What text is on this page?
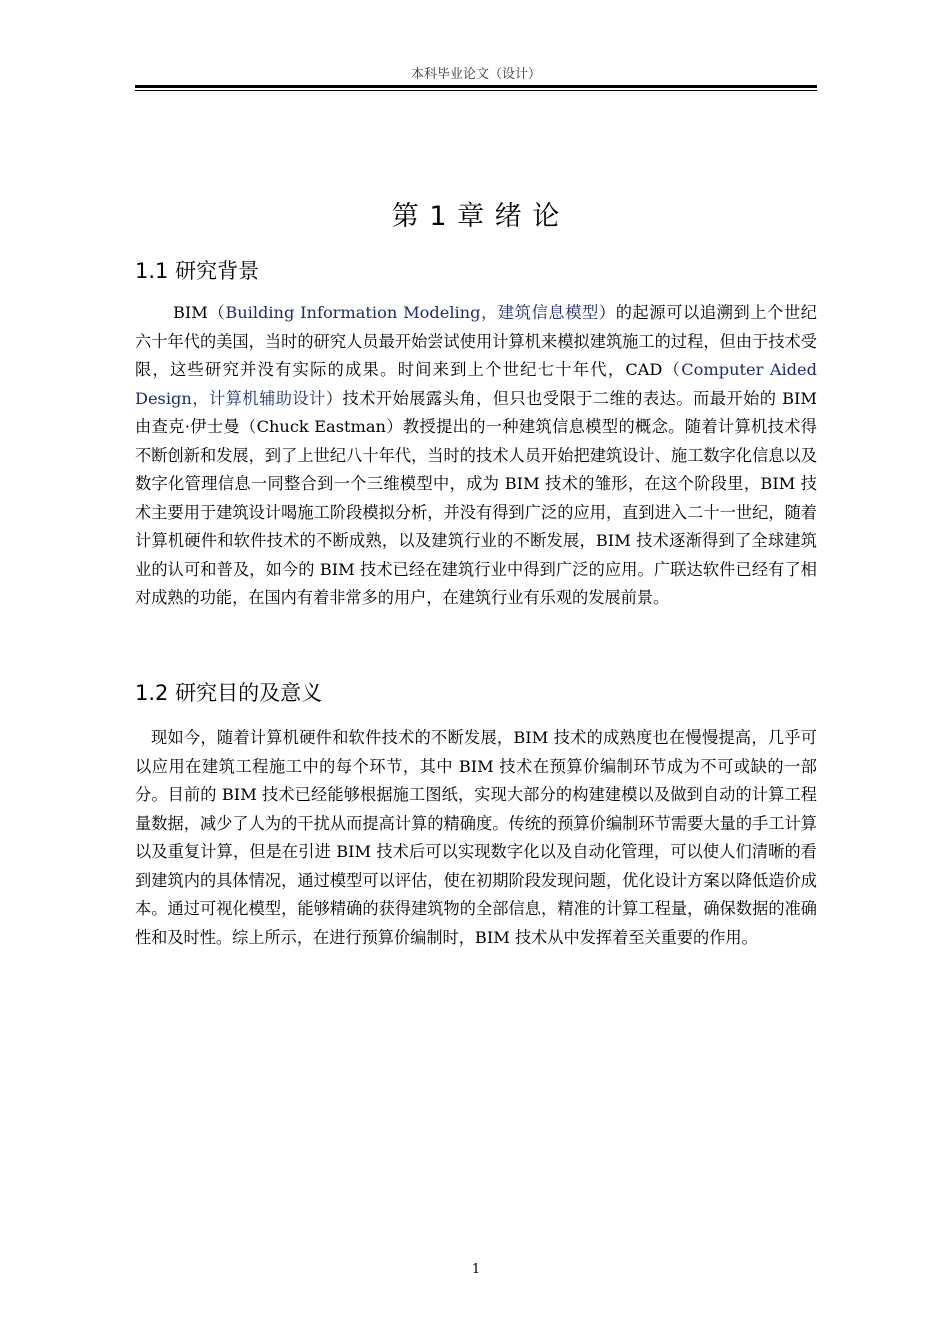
本科毕业论文（设计）
第 1 章 绪 论
1.1 研究背景
BIM（Building Information Modeling，建筑信息模型）的起源可以追溯到上个世纪六十年代的美国，当时的研究人员最开始尝试使用计算机来模拟建筑施工的过程，但由于技术受限，这些研究并没有实际的成果。时间来到上个世纪七十年代，CAD（Computer Aided Design，计算机辅助设计）技术开始展露头角，但只也受限于二维的表达。而最开始的 BIM 由查克·伊士曼（Chuck Eastman）教授提出的一种建筑信息模型的概念。随着计算机技术得不断创新和发展，到了上世纪八十年代，当时的技术人员开始把建筑设计、施工数字化信息以及数字化管理信息一同整合到一个三维模型中，成为 BIM 技术的雏形，在这个阶段里，BIM 技术主要用于建筑设计喝施工阶段模拟分析，并没有得到广泛的应用，直到进入二十一世纪，随着计算机硬件和软件技术的不断成熟，以及建筑行业的不断发展，BIM 技术逐渐得到了全球建筑业的认可和普及，如今的 BIM 技术已经在建筑行业中得到广泛的应用。广联达软件已经有了相对成熟的功能，在国内有着非常多的用户，在建筑行业有乐观的发展前景。
1.2 研究目的及意义
现如今，随着计算机硬件和软件技术的不断发展，BIM 技术的成熟度也在慢慢提高，几乎可以应用在建筑工程施工中的每个环节，其中 BIM 技术在预算价编制环节成为不可或缺的一部分。目前的 BIM 技术已经能够根据施工图纸，实现大部分的构建建模以及做到自动的计算工程量数据，减少了人为的干扰从而提高计算的精确度。传统的预算价编制环节需要大量的手工计算以及重复计算，但是在引进 BIM 技术后可以实现数字化以及自动化管理，可以使人们清晰的看到建筑内的具体情况，通过模型可以评估，使在初期阶段发现问题，优化设计方案以降低造价成本。通过可视化模型，能够精确的获得建筑物的全部信息，精准的计算工程量，确保数据的准确性和及时性。综上所示，在进行预算价编制时，BIM 技术从中发挥着至关重要的作用。
1
